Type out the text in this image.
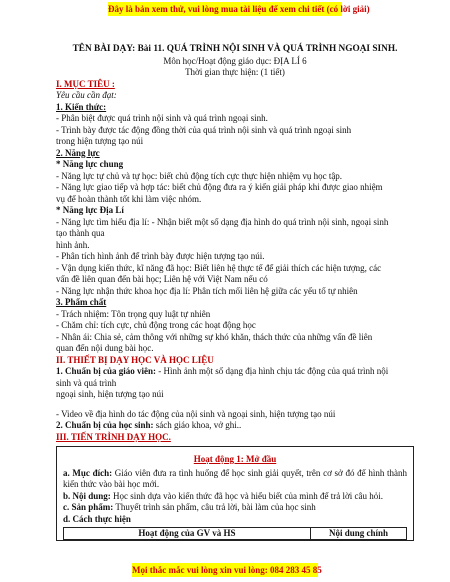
Đây là bản xem thử, vui lòng mua tài liệu để xem chi tiết (có lời giải)
TÊN BÀI DẠY: Bài 11. QUÁ TRÌNH NỘI SINH VÀ QUÁ TRÌNH NGOẠI SINH.
Môn học/Hoạt động giáo dục: ĐỊA LÍ 6
Thời gian thực hiện: (1 tiết)
I. MỤC TIÊU :
Yêu cầu cần đạt:
1. Kiến thức:
- Phân biệt được quá trình nội sinh và quá trình ngoại sinh.
- Trình bày được tác động đồng thời của quá trình nội sinh và quá trình ngoại sinh
trong hiện tượng tạo núi
2. Năng lực
* Năng lực chung
- Năng lực tự chủ và tự học: biết chủ động tích cực thực hiện nhiệm vụ học tập.
- Năng lực giao tiếp và hợp tác: biết chủ động đưa ra ý kiến giải pháp khi được giao nhiệm
vụ để hoàn thành tốt khi làm việc nhóm.
* Năng lực Địa Lí
- Năng lực tìm hiểu địa lí: - Nhận biết một số dạng địa hình do quá trình nội sinh, ngoại sinh
tạo thành qua
hình ảnh.
- Phân tích hình ảnh để trình bày được hiện tượng tạo núi.
- Vận dụng kiến thức, kĩ năng đã học: Biết liên hệ thực tế để giải thích các hiện tượng, các
vấn đề liên quan đến bài học; Liên hệ với Việt Nam nếu có
- Năng lực nhận thức khoa học địa lí: Phân tích mối liên hệ giữa các yếu tố tự nhiên
3. Phẩm chất
- Trách nhiệm: Tôn trọng quy luật tự nhiên
- Chăm chỉ: tích cực, chủ động trong các hoạt động học
- Nhân ái: Chia sẻ, cảm thông với những sự khó khăn, thách thức của những vấn đề liên
quan đến nội dung bài học.
II. THIẾT BỊ DẠY HỌC VÀ HỌC LIỆU
1. Chuẩn bị của giáo viên: - Hình ảnh một số dạng địa hình chịu tác động của quá trình nội
sinh và quá trình
ngoại sinh, hiện tượng tạo núi
- Video về địa hình do tác động của nội sinh và ngoại sinh, hiện tượng tạo núi
2. Chuẩn bị của học sinh: sách giáo khoa, vở ghi..
III. TIẾN TRÌNH DẠY HỌC.
Hoạt động 1: Mở đầu
a. Mục đích: Giáo viên đưa ra tình huống để học sinh giải quyết, trên cơ sở đó để hình thành kiến thức vào bài học mới.
b. Nội dung: Học sinh dựa vào kiến thức đã học và hiểu biết của mình để trả lời câu hỏi.
c. Sản phẩm: Thuyết trình sản phẩm, câu trả lời, bài làm của học sinh
d. Cách thực hiện
Hoạt động của GV và HS	Nội dung chính
Mọi thắc mắc vui lòng xin vui lòng: 084 283 45 85
